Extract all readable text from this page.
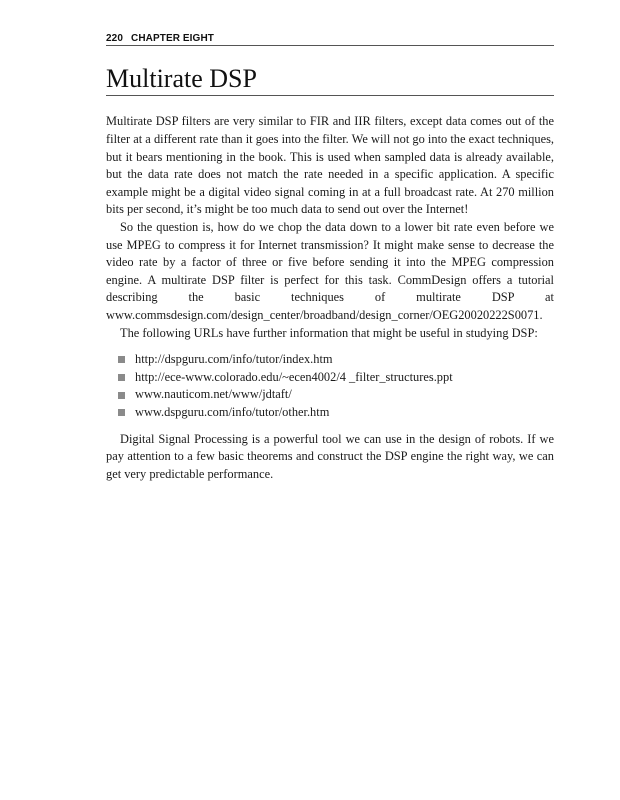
220 CHAPTER EIGHT
Multirate DSP

Multirate DSP filters are very similar to FIR and IIR filters, except data comes out of the filter at a different rate than it goes into the filter. We will not go into the exact techniques, but it bears mentioning in the book. This is used when sampled data is already available, but the data rate does not match the rate needed in a specific application. A specific example might be a digital video signal coming in at a full broadcast rate. At 270 million bits per second, it’s might be too much data to send out over the Internet!

So the question is, how do we chop the data down to a lower bit rate even before we use MPEG to compress it for Internet transmission? It might make sense to decrease the video rate by a factor of three or five before sending it into the MPEG compression engine. A multirate DSP filter is perfect for this task. CommDesign offers a tutorial describing the basic techniques of multirate DSP at www.commsdesign.com/design_center/broadband/design_corner/OEG20020222S0071.

The following URLs have further information that might be useful in studying DSP:

http://dspguru.com/info/tutor/index.htm
http://ece-www.colorado.edu/~ecen4002/4 _filter_structures.ppt
www.nauticom.net/www/jdtaft/
www.dspguru.com/info/tutor/other.htm

Digital Signal Processing is a powerful tool we can use in the design of robots. If we pay attention to a few basic theorems and construct the DSP engine the right way, we can get very predictable performance.
